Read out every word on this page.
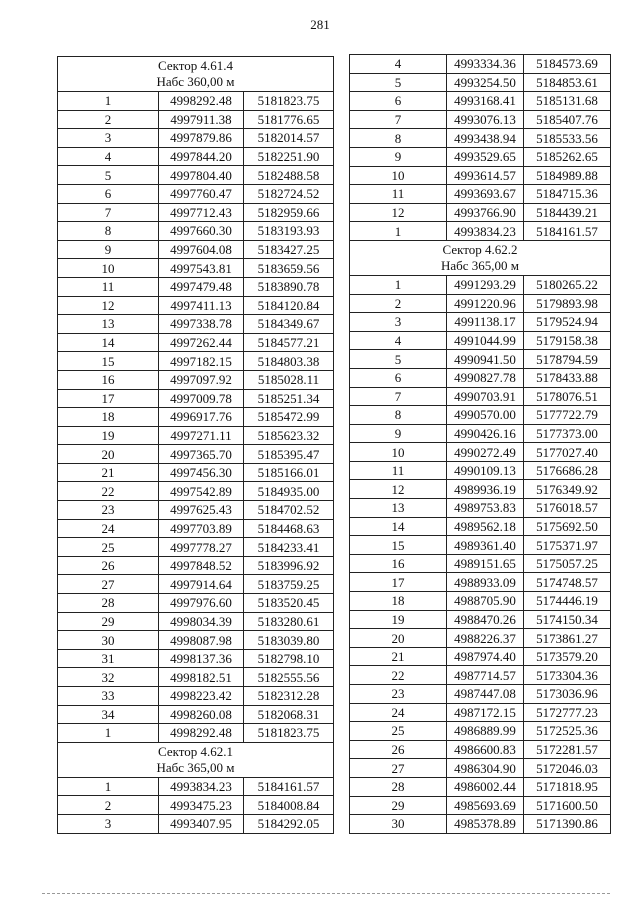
281
Сектор 4.61.4
Набс 360,00 м		

1	4998292.48	5181823.75
2	4997911.38	5181776.65
3	4997879.86	5182014.57
4	4997844.20	5182251.90
5	4997804.40	5182488.58
6	4997760.47	5182724.52
7	4997712.43	5182959.66
8	4997660.30	5183193.93
9	4997604.08	5183427.25
10	4997543.81	5183659.56
11	4997479.48	5183890.78
12	4997411.13	5184120.84
13	4997338.78	5184349.67
14	4997262.44	5184577.21
15	4997182.15	5184803.38
16	4997097.92	5185028.11
17	4997009.78	5185251.34
18	4996917.76	5185472.99
19	4997271.11	5185623.32
20	4997365.70	5185395.47
21	4997456.30	5185166.01
22	4997542.89	5184935.00
23	4997625.43	5184702.52
24	4997703.89	5184468.63
25	4997778.27	5184233.41
26	4997848.52	5183996.92
27	4997914.64	5183759.25
28	4997976.60	5183520.45
29	4998034.39	5183280.61
30	4998087.98	5183039.80
31	4998137.36	5182798.10
32	4998182.51	5182555.56
33	4998223.42	5182312.28
34	4998260.08	5182068.31
1	4998292.48	5181823.75

Сектор 4.62.1
Набс 365,00 м		

1	4993834.23	5184161.57
2	4993475.23	5184008.84
3	4993407.95	5184292.05
4	4993334.36	5184573.69
5	4993254.50	5184853.61
6	4993168.41	5185131.68
7	4993076.13	5185407.76
8	4993438.94	5185533.56
9	4993529.65	5185262.65
10	4993614.57	5184989.88
11	4993693.67	5184715.36
12	4993766.90	5184439.21
1	4993834.23	5184161.57

Сектор 4.62.2
Набс 365,00 м		

1	4991293.29	5180265.22
2	4991220.96	5179893.98
3	4991138.17	5179524.94
4	4991044.99	5179158.38
5	4990941.50	5178794.59
6	4990827.78	5178433.88
7	4990703.91	5178076.51
8	4990570.00	5177722.79
9	4990426.16	5177373.00
10	4990272.49	5177027.40
11	4990109.13	5176686.28
12	4989936.19	5176349.92
13	4989753.83	5176018.57
14	4989562.18	5175692.50
15	4989361.40	5175371.97
16	4989151.65	5175057.25
17	4988933.09	5174748.57
18	4988705.90	5174446.19
19	4988470.26	5174150.34
20	4988226.37	5173861.27
21	4987974.40	5173579.20
22	4987714.57	5173304.36
23	4987447.08	5173036.96
24	4987172.15	5172777.23
25	4986889.99	5172525.36
26	4986600.83	5172281.57
27	4986304.90	5172046.03
28	4986002.44	5171818.95
29	4985693.69	5171600.50
30	4985378.89	5171390.86
